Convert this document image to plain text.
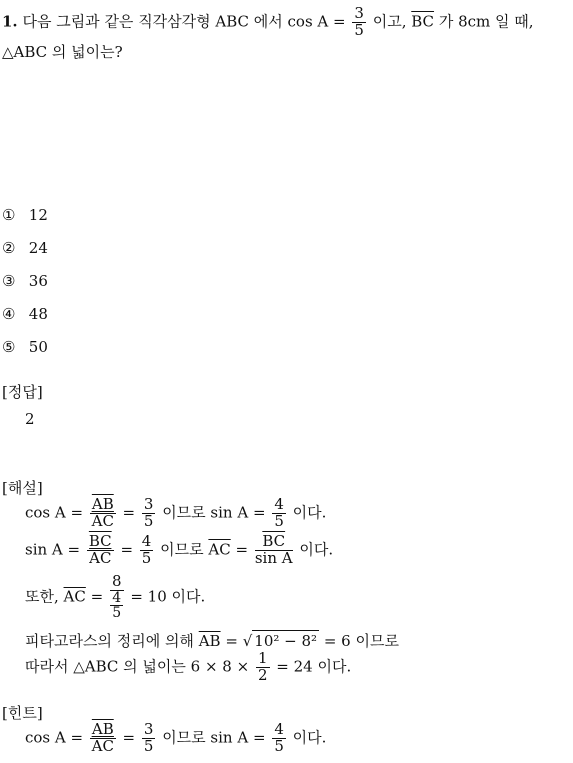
1. 다음 그림과 같은 직각삼각형 ABC 에서 $\cos A = \frac{3}{5}$ 이고, $\overline{BC}$ 가 8cm 일 때,
△ABC 의 넓이는?
① 12
② 24
③ 36
④ 48
⑤ 50
[정답]
2
[해설]
$\cos A = \frac{\overline{AB}}{AC} = \frac{3}{5}$ 이므로 $\sin A = \frac{4}{5}$ 이다.
$\sin A = \frac{\overline{BC}}{AC} = \frac{4}{5}$ 이므로 $\overline{AC} = \frac{\overline{BC}}{\text{sin A}}$ 이다.
또한, $\overline{AC} = \frac{8}{\frac{4}{5}} = 10$ 이다.
피타고라스의 정리에 의해 $\overline{AB}$ = √ 10² − 8² = 6 이므로
따라서 △ABC 의 넓이는 $6 \times 8 \times \frac{1}{2} = 24$ 이다.
[힌트]
$\cos A = \frac{\overline{AB}}{AC} = \frac{3}{5}$ 이므로 $\sin A = \frac{4}{5}$ 이다.
